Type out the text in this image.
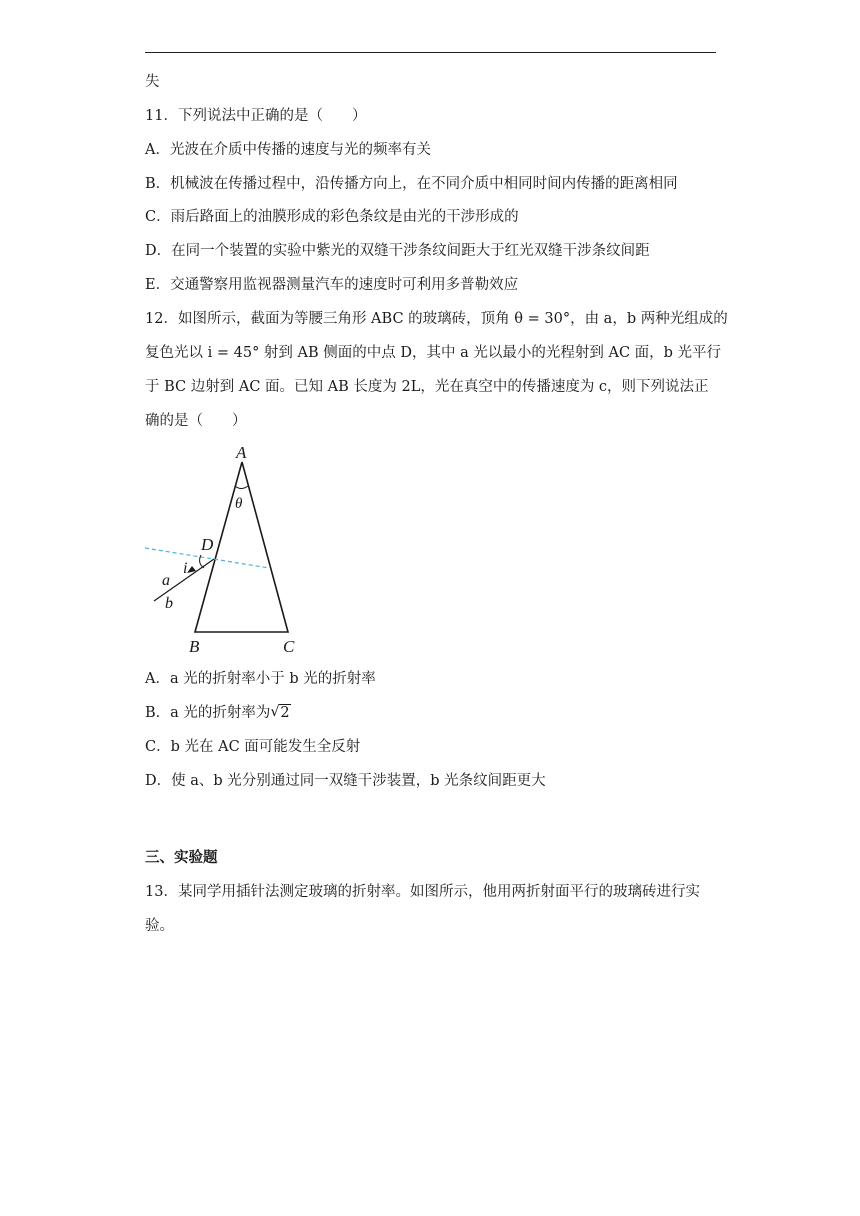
失
11．下列说法中正确的是（　　）
A．光波在介质中传播的速度与光的频率有关
B．机械波在传播过程中，沿传播方向上，在不同介质中相同时间内传播的距离相同
C．雨后路面上的油膜形成的彩色条纹是由光的干涉形成的
D．在同一个装置的实验中紫光的双缝干涉条纹间距大于红光双缝干涉条纹间距
E．交通警察用监视器测量汽车的速度时可利用多普勒效应
12．如图所示，截面为等腰三角形 ABC 的玻璃砖，顶角 θ = 30°，由 a，b 两种光组成的
复色光以 i = 45° 射到 AB 侧面的中点 D，其中 a 光以最小的光程射到 AC 面，b 光平行
于 BC 边射到 AC 面。已知 AB 长度为 2L，光在真空中的传播速度为 c，则下列说法正
确的是（　　）
A
θ
D
i
a
b
B	C
A．a 光的折射率小于 b 光的折射率
B．a 光的折射率为 √ 2
C．b 光在 AC 面可能发生全反射
D．使 a、b 光分别通过同一双缝干涉装置，b 光条纹间距更大
三、实验题
13．某同学用插针法测定玻璃的折射率。如图所示，他用两折射面平行的玻璃砖进行实
验。
